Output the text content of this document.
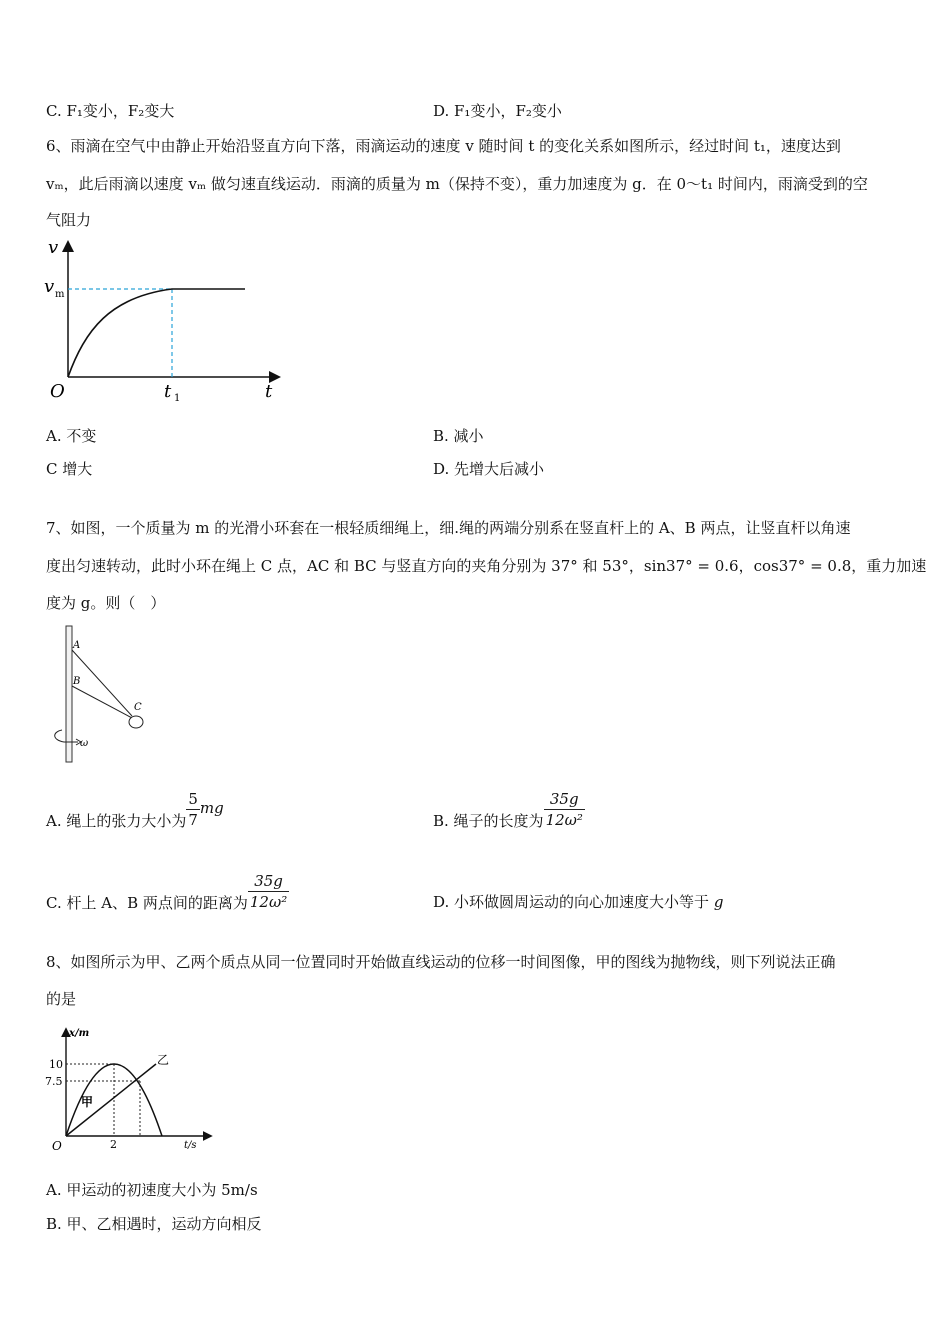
C. F₁变小，F₂变大	D. F₁变小，F₂变小
6、雨滴在空气中由静止开始沿竖直方向下落，雨滴运动的速度 v 随时间 t 的变化关系如图所示，经过时间 t₁，速度达到
vₘ，此后雨滴以速度 vₘ 做匀速直线运动．雨滴的质量为 m（保持不变），重力加速度为 g．在 0～t₁ 时间内，雨滴受到的空
气阻力
v
t
O
v m
t 1
A. 不变	B. 减小
C 增大	D. 先增大后减小
7、如图，一个质量为 m 的光滑小环套在一根轻质细绳上，细.绳的两端分别系在竖直杆上的 A、B 两点，让竖直杆以角速
度出匀速转动，此时小环在绳上 C 点，AC 和 BC 与竖直方向的夹角分别为 37° 和 53°，sin37° = 0.6，cos37° = 0.8，重力加速
度为 g。则（　）
A
B
C
ω
A. 绳上的张力大小为 $\frac{5}{7}$ mg
B. 绳子的长度为 $\frac{35g}{\text{12ω²}}$
C. 杆上 A、B 两点间的距离为 $\frac{35g}{\text{12ω²}}$	D. 小环做圆周运动的向心加速度大小等于 g
8、如图所示为甲、乙两个质点从同一位置同时开始做直线运动的位移一时间图像，甲的图线为抛物线，则下列说法正确
的是
x/m
t/s
O
10
7.5
2
甲
乙
A. 甲运动的初速度大小为 5m/s
B. 甲、乙相遇时，运动方向相反
